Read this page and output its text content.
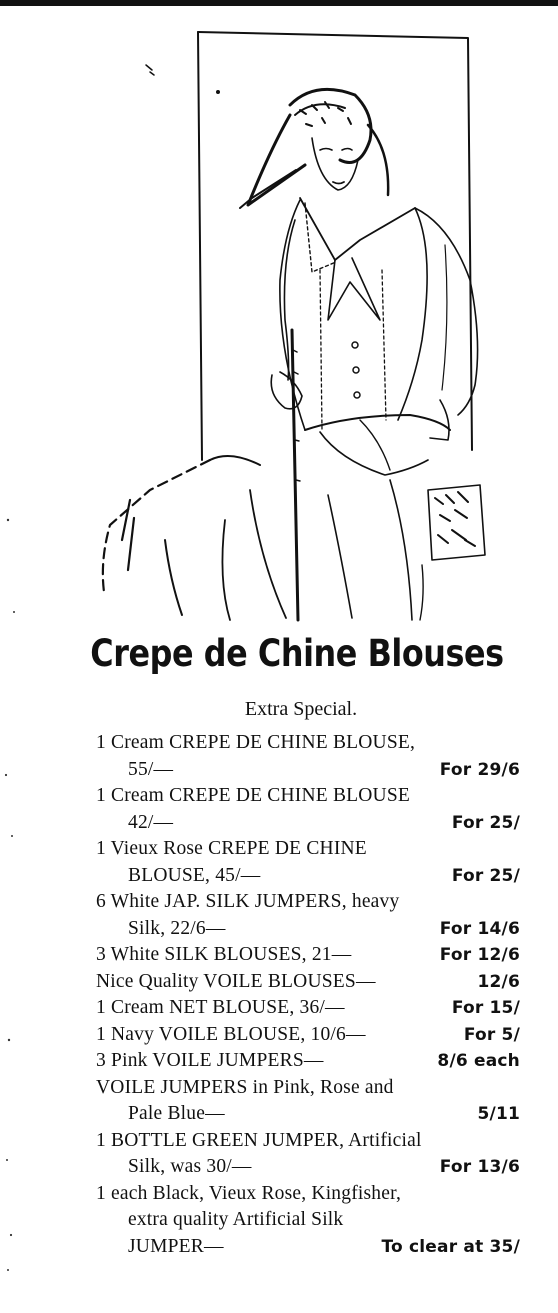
Crepe de Chine Blouses
Extra Special.
1 Cream CREPE DE CHINE BLOUSE,
55/—	For 29/6
1 Cream CREPE DE CHINE BLOUSE
42/—	For 25/
1 Vieux Rose CREPE DE CHINE
BLOUSE, 45/—	For 25/
6 White JAP. SILK JUMPERS, heavy
Silk, 22/6—	For 14/6
3 White SILK BLOUSES, 21—	For 12/6
Nice Quality VOILE BLOUSES—	12/6
1 Cream NET BLOUSE, 36/—	For 15/
1 Navy VOILE BLOUSE, 10/6—	For 5/
3 Pink VOILE JUMPERS—	8/6 each
VOILE JUMPERS in Pink, Rose and
Pale Blue—	5/11
1 BOTTLE GREEN JUMPER, Artificial
Silk, was 30/—	For 13/6
1 each Black, Vieux Rose, Kingfisher,
extra quality Artificial Silk
JUMPER—	To clear at 35/
